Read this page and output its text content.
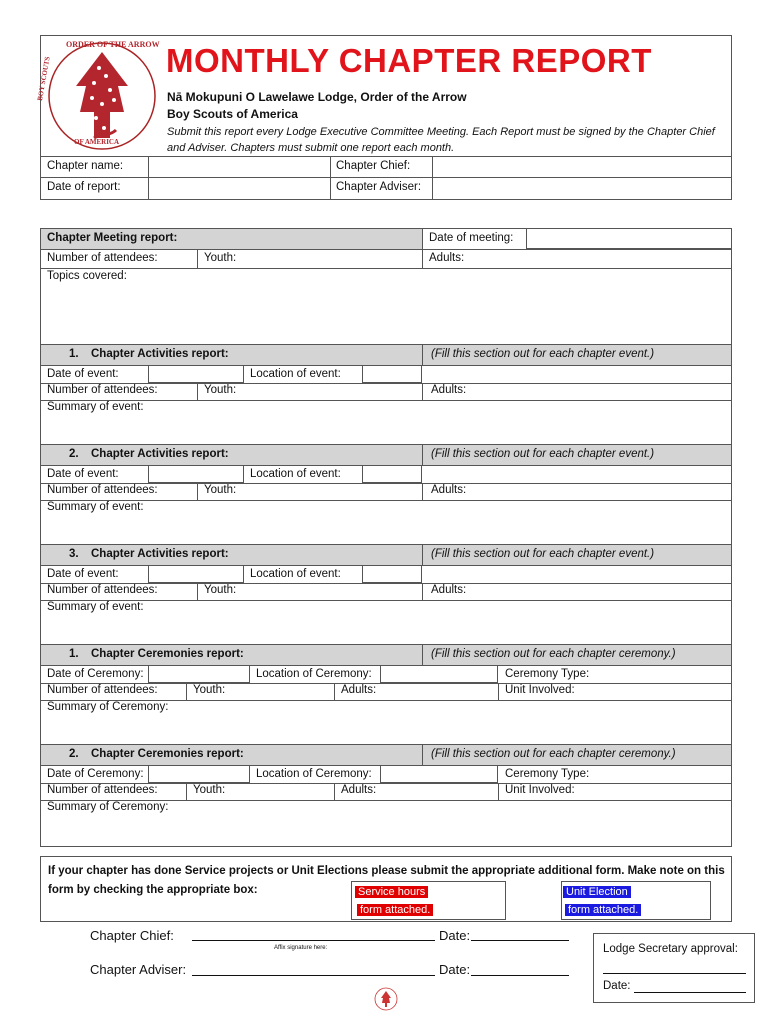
ORDER OF THE ARROW
BOY SCOUTS
OF AMERICA
MONTHLY CHAPTER REPORT
Nā Mokupuni O Lawelawe Lodge, Order of the Arrow
Boy Scouts of America
Submit this report every Lodge Executive Committee Meeting. Each Report must be signed by the Chapter Chief and Adviser. Chapters must submit one report each month.
Chapter name:	Chapter Chief:
Date of report:	Chapter Adviser:
Chapter Meeting report:	Date of meeting:
Number of attendees:	Youth:	Adults:
Topics covered:
1. Chapter Activities report:	(Fill this section out for each chapter event.)
Date of event:	Location of event:
Number of attendees:	Youth:	Adults:
Summary of event:
2. Chapter Activities report:	(Fill this section out for each chapter event.)
Date of event:	Location of event:
Number of attendees:	Youth:	Adults:
Summary of event:
3. Chapter Activities report:	(Fill this section out for each chapter event.)
Date of event:	Location of event:
Number of attendees:	Youth:	Adults:
Summary of event:
1. Chapter Ceremonies report:	(Fill this section out for each chapter ceremony.)
Date of Ceremony:	Location of Ceremony:	Ceremony Type:
Number of attendees:	Youth:	Adults:	Unit Involved:
Summary of Ceremony:
2. Chapter Ceremonies report:	(Fill this section out for each chapter ceremony.)
Date of Ceremony:	Location of Ceremony:	Ceremony Type:
Number of attendees:	Youth:	Adults:	Unit Involved:
Summary of Ceremony:
If your chapter has done Service projects or Unit Elections please submit the appropriate additional form. Make note on this form by checking the appropriate box:	Service hours
form attached.
Unit Election
form attached.
Chapter Chief:	Date:
Affix signature here:
Chapter Adviser:	Date:
Lodge Secretary approval:
Date:
